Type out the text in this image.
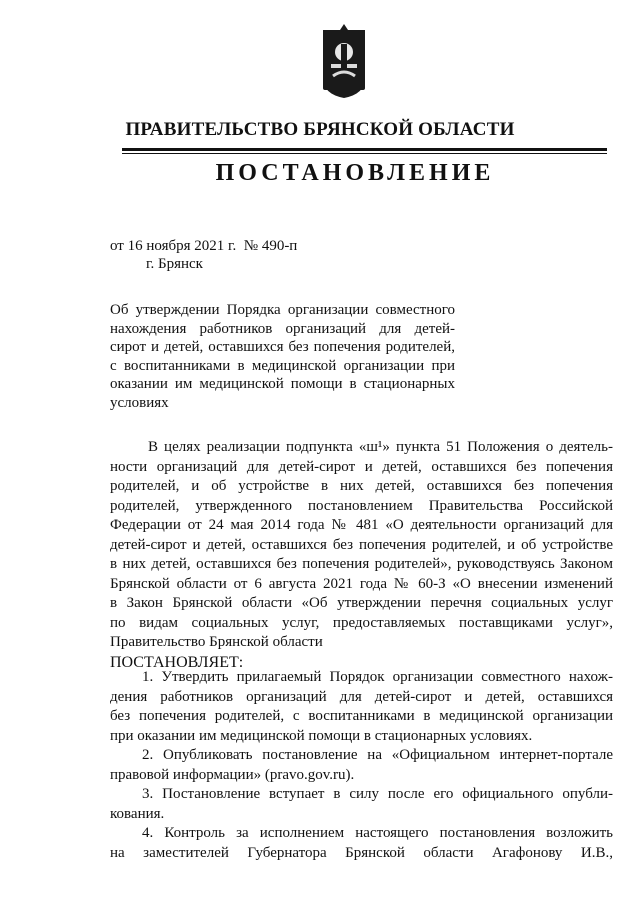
ПРАВИТЕЛЬСТВО БРЯНСКОЙ ОБЛАСТИ
ПОСТАНОВЛЕНИЕ
от 16 ноября 2021 г. № 490-п
г. Брянск
Об утверждении Порядка организации совместного
нахождения работников организаций для детей-
сирот и детей, оставшихся без попечения родителей,
с воспитанниками в медицинской организации при
оказании им медицинской помощи в стационарных
условиях
В целях реализации подпункта «ш¹» пункта 51 Положения о деятель-
ности организаций для детей-сирот и детей, оставшихся без попечения
родителей, и об устройстве в них детей, оставшихся без попечения
родителей, утвержденного постановлением Правительства Российской
Федерации от 24 мая 2014 года № 481 «О деятельности организаций для
детей-сирот и детей, оставшихся без попечения родителей, и об устройстве
в них детей, оставшихся без попечения родителей», руководствуясь Законом
Брянской области от 6 августа 2021 года № 60-З «О внесении изменений
в Закон Брянской области «Об утверждении перечня социальных услуг
по видам социальных услуг, предоставляемых поставщиками услуг»,
Правительство Брянской области
ПОСТАНОВЛЯЕТ:
1. Утвердить прилагаемый Порядок организации совместного нахож-
дения работников организаций для детей-сирот и детей, оставшихся
без попечения родителей, с воспитанниками в медицинской организации
при оказании им медицинской помощи в стационарных условиях.
2. Опубликовать постановление на «Официальном интернет-портале
правовой информации» (pravo.gov.ru).
3. Постановление вступает в силу после его официального опубли-
кования.
4. Контроль за исполнением настоящего постановления возложить
на заместителей Губернатора Брянской области Агафонову И.В.,
